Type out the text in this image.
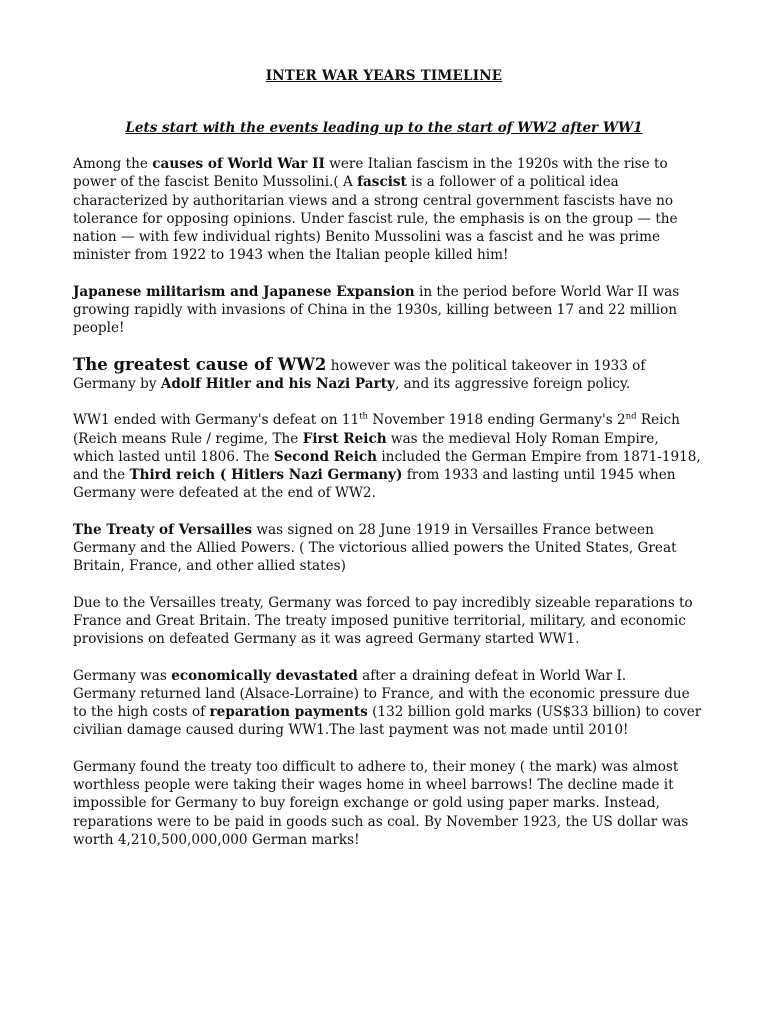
INTER WAR YEARS TIMELINE
Lets start with the events leading up to the start of WW2 after WW1

Among the causes of World War II were Italian fascism in the 1920s with the rise to power of the fascist Benito Mussolini.( A fascist is a follower of a political idea characterized by authoritarian views and a strong central government fascists have no tolerance for opposing opinions. Under fascist rule, the emphasis is on the group — the nation — with few individual rights) Benito Mussolini was a fascist and he was prime minister from 1922 to 1943 when the Italian people killed him!

Japanese militarism and Japanese Expansion in the period before World War II was growing rapidly with invasions of China in the 1930s, killing between 17 and 22 million people!

The greatest cause of WW2 however was the political takeover in 1933 of Germany by Adolf Hitler and his Nazi Party, and its aggressive foreign policy.

WW1 ended with Germany's defeat on 11th November 1918 ending Germany's 2nd Reich (Reich means Rule / regime, The First Reich was the medieval Holy Roman Empire, which lasted until 1806. The Second Reich included the German Empire from 1871-1918, and the Third reich ( Hitlers Nazi Germany) from 1933 and lasting until 1945 when Germany were defeated at the end of WW2.

The Treaty of Versailles was signed on 28 June 1919 in Versailles France between Germany and the Allied Powers. ( The victorious allied powers the United States, Great Britain, France, and other allied states)

Due to the Versailles treaty, Germany was forced to pay incredibly sizeable reparations to France and Great Britain. The treaty imposed punitive territorial, military, and economic provisions on defeated Germany as it was agreed Germany started WW1.

Germany was economically devastated after a draining defeat in World War I.
Germany returned land (Alsace-Lorraine) to France, and with the economic pressure due to the high costs of reparation payments (132 billion gold marks (US$33 billion) to cover civilian damage caused during WW1.The last payment was not made until 2010!

Germany found the treaty too difficult to adhere to, their money ( the mark) was almost worthless people were taking their wages home in wheel barrows! The decline made it impossible for Germany to buy foreign exchange or gold using paper marks. Instead, reparations were to be paid in goods such as coal. By November 1923, the US dollar was worth 4,210,500,000,000 German marks!
